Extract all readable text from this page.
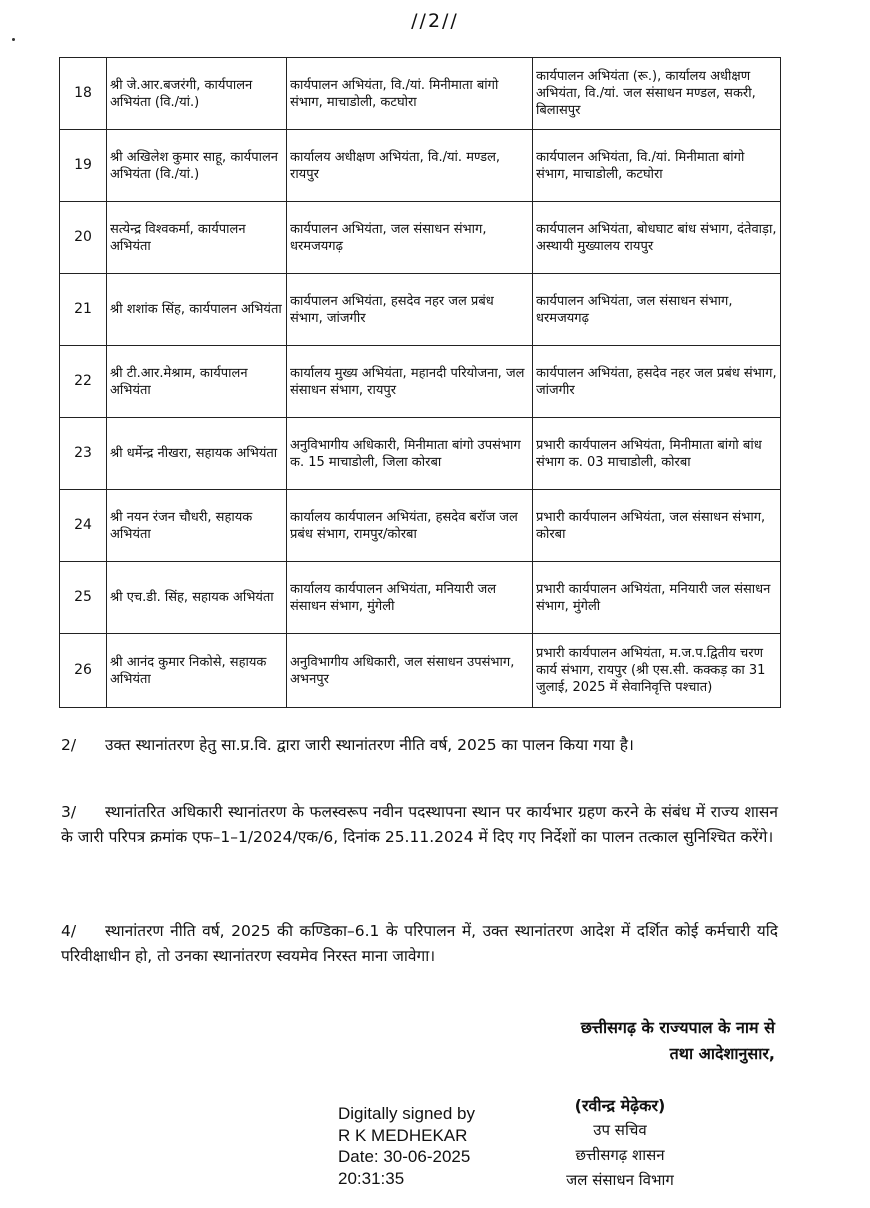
//2//
18	श्री जे.आर.बजरंगी, कार्यपालन अभियंता (वि./यां.)	कार्यपालन अभियंता, वि./यां. मिनीमाता बांगो संभाग, माचाडोली, कटघोरा	कार्यपालन अभियंता (रू.), कार्यालय अधीक्षण अभियंता, वि./यां. जल संसाधन मण्डल, सकरी, बिलासपुर
19	श्री अखिलेश कुमार साहू, कार्यपालन अभियंता (वि./यां.)	कार्यालय अधीक्षण अभियंता, वि./यां. मण्डल, रायपुर	कार्यपालन अभियंता, वि./यां. मिनीमाता बांगो संभाग, माचाडोली, कटघोरा
20	सत्येन्द्र विश्वकर्मा, कार्यपालन अभियंता	कार्यपालन अभियंता, जल संसाधन संभाग, धरमजयगढ़	कार्यपालन अभियंता, बोधघाट बांध संभाग, दंतेवाड़ा, अस्थायी मुख्यालय रायपुर
21	श्री शशांक सिंह, कार्यपालन अभियंता	कार्यपालन अभियंता, हसदेव नहर जल प्रबंध संभाग, जांजगीर	कार्यपालन अभियंता, जल संसाधन संभाग, धरमजयगढ़
22	श्री टी.आर.मेश्राम, कार्यपालन अभियंता	कार्यालय मुख्य अभियंता, महानदी परियोजना, जल संसाधन संभाग, रायपुर	कार्यपालन अभियंता, हसदेव नहर जल प्रबंध संभाग, जांजगीर
23	श्री धर्मेन्द्र नीखरा, सहायक अभियंता	अनुविभागीय अधिकारी, मिनीमाता बांगो उपसंभाग क. 15 माचाडोली, जिला कोरबा	प्रभारी कार्यपालन अभियंता, मिनीमाता बांगो बांध संभाग क. 03 माचाडोली, कोरबा
24	श्री नयन रंजन चौधरी, सहायक अभियंता	कार्यालय कार्यपालन अभियंता, हसदेव बरॉज जल प्रबंध संभाग, रामपुर/कोरबा	प्रभारी कार्यपालन अभियंता, जल संसाधन संभाग, कोरबा
25	श्री एच.डी. सिंह, सहायक अभियंता	कार्यालय कार्यपालन अभियंता, मनियारी जल संसाधन संभाग, मुंगेली	प्रभारी कार्यपालन अभियंता, मनियारी जल संसाधन संभाग, मुंगेली
26	श्री आनंद कुमार निकोसे, सहायक अभियंता	अनुविभागीय अधिकारी, जल संसाधन उपसंभाग, अभनपुर	प्रभारी कार्यपालन अभियंता, म.ज.प.द्वितीय चरण कार्य संभाग, रायपुर (श्री एस.सी. कक्कड़ का 31 जुलाई, 2025 में सेवानिवृत्ति पश्चात)
2/ उक्त स्थानांतरण हेतु सा.प्र.वि. द्वारा जारी स्थानांतरण नीति वर्ष, 2025 का पालन किया गया है।
3/ स्थानांतरित अधिकारी स्थानांतरण के फलस्वरूप नवीन पदस्थापना स्थान पर कार्यभार ग्रहण करने के संबंध में राज्य शासन के जारी परिपत्र क्रमांक एफ–1–1/2024/एक/6, दिनांक 25.11.2024 में दिए गए निर्देशों का पालन तत्काल सुनिश्चित करेंगे।
4/ स्थानांतरण नीति वर्ष, 2025 की कण्डिका–6.1 के परिपालन में, उक्त स्थानांतरण आदेश में दर्शित कोई कर्मचारी यदि परिवीक्षाधीन हो, तो उनका स्थानांतरण स्वयमेव निरस्त माना जावेगा।
छत्तीसगढ़ के राज्यपाल के नाम से
तथा आदेशानुसार,
Digitally signed by
R K MEDHEKAR
Date: 30-06-2025
20:31:35
(रवीन्द्र मेढ़ेकर)
उप सचिव
छत्तीसगढ़ शासन
जल संसाधन विभाग
